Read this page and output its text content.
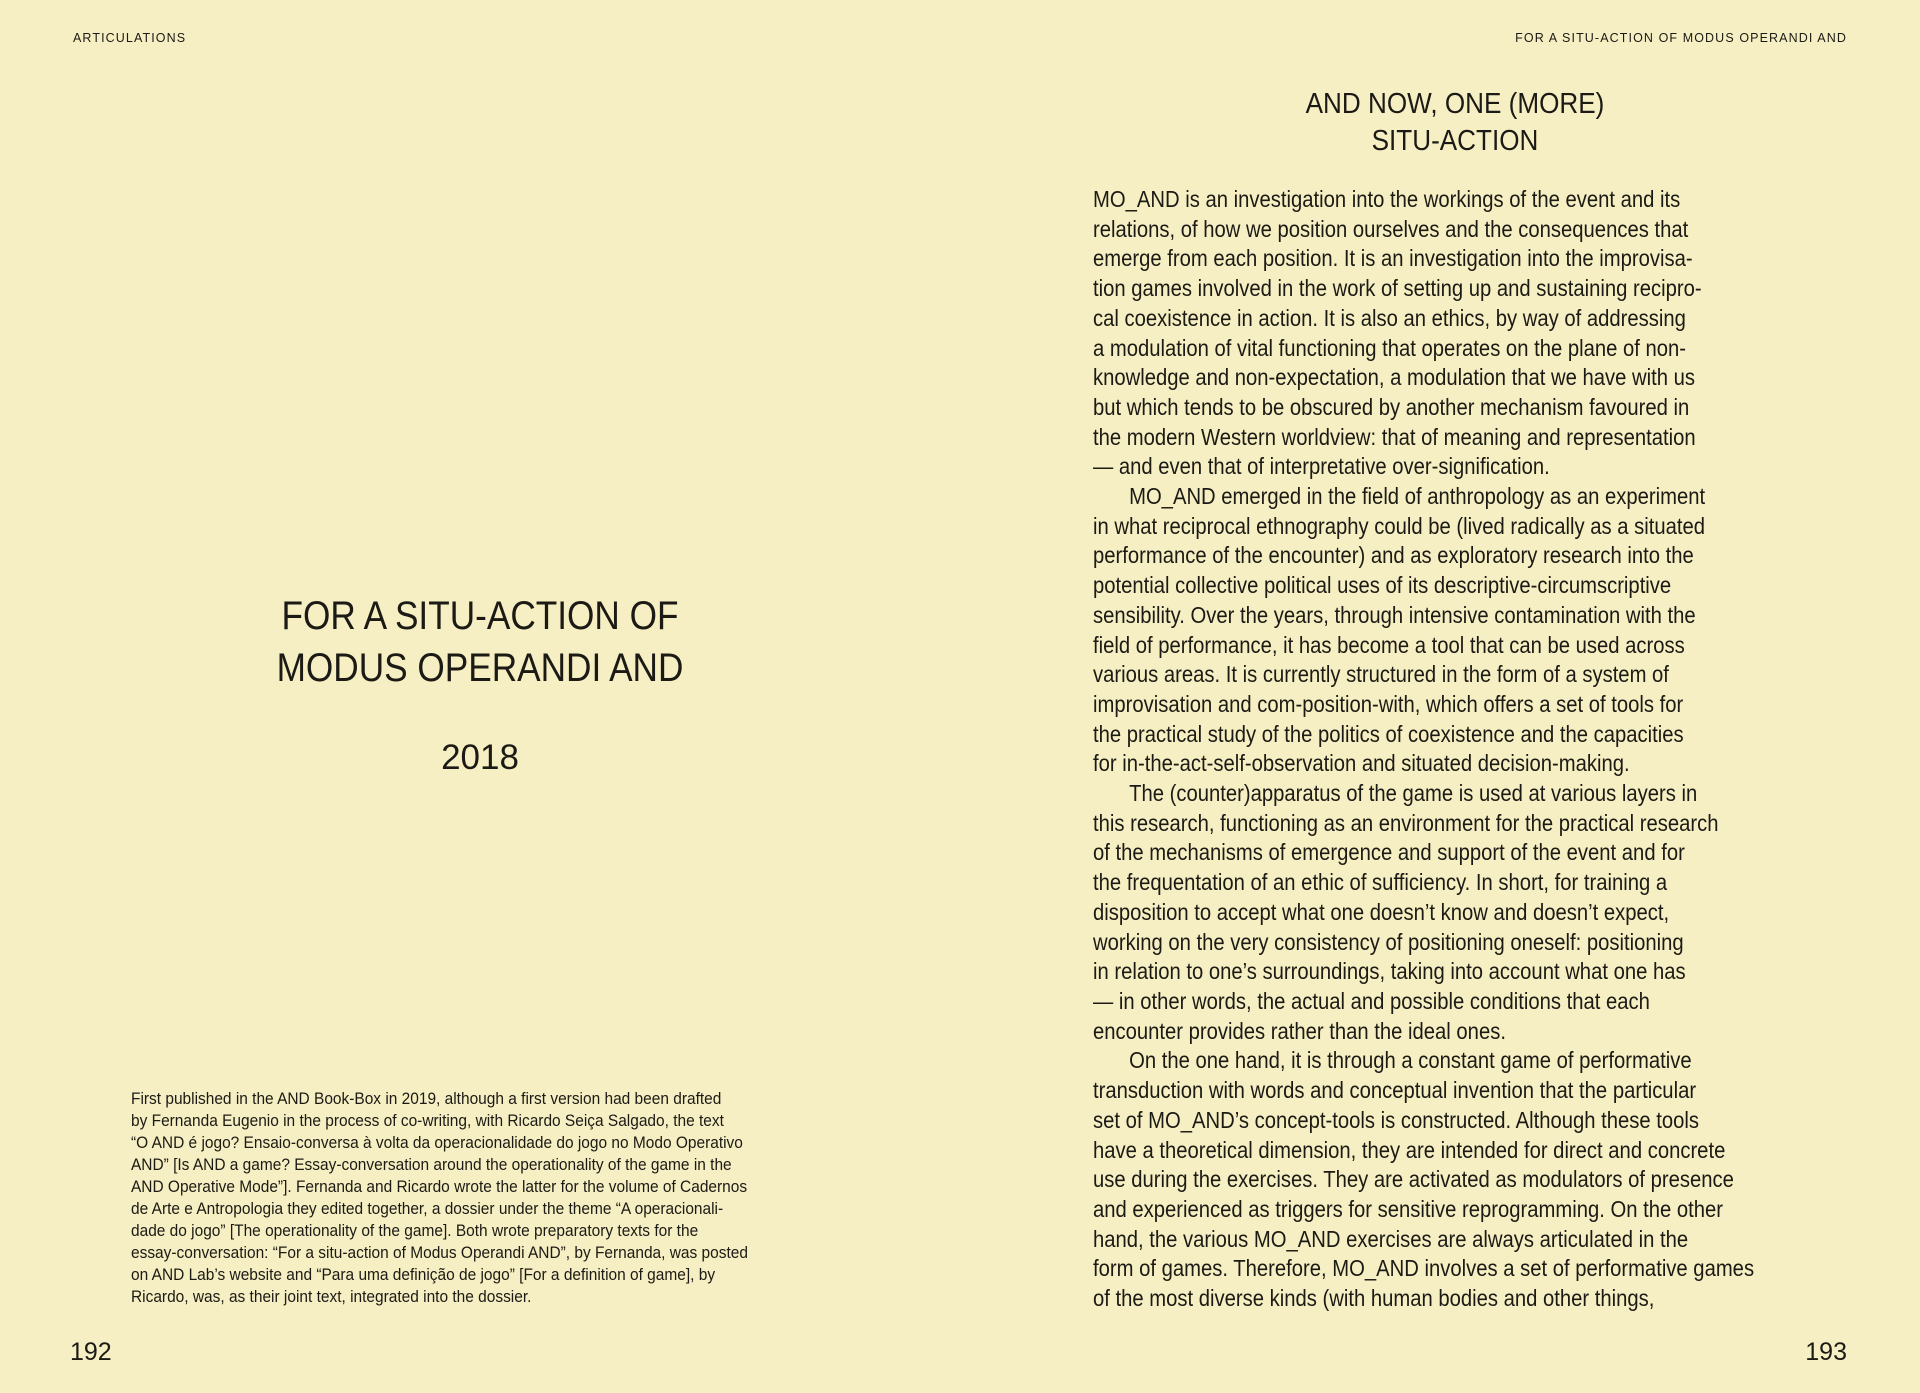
ARTICULATIONS	FOR A SITU-ACTION OF MODUS OPERANDI AND
FOR A SITU-ACTION OF
MODUS OPERANDI AND
2018
First published in the AND Book-Box in 2019, although a first version had been drafted
by Fernanda Eugenio in the process of co-writing, with Ricardo Seiça Salgado, the text
“O AND é jogo? Ensaio-conversa à volta da operacionalidade do jogo no Modo Operativo
AND” [Is AND a game? Essay-conversation around the operationality of the game in the
AND Operative Mode”]. Fernanda and Ricardo wrote the latter for the volume of Cadernos
de Arte e Antropologia they edited together, a dossier under the theme “A operacionali-
dade do jogo” [The operationality of the game]. Both wrote preparatory texts for the
essay-conversation: “For a situ-action of Modus Operandi AND”, by Fernanda, was posted
on AND Lab’s website and “Para uma definição de jogo” [For a definition of game], by
Ricardo, was, as their joint text, integrated into the dossier.
AND NOW, ONE (MORE)
SITU-ACTION
MO_AND is an investigation into the workings of the event and its
relations, of how we position ourselves and the consequences that
emerge from each position. It is an investigation into the improvisa-
tion games involved in the work of setting up and sustaining recipro-
cal coexistence in action. It is also an ethics, by way of addressing
a modulation of vital functioning that operates on the plane of non-
knowledge and non-expectation, a modulation that we have with us
but which tends to be obscured by another mechanism favoured in
the modern Western worldview: that of meaning and representation
— and even that of interpretative over-signification.
MO_AND emerged in the field of anthropology as an experiment
in what reciprocal ethnography could be (lived radically as a situated
performance of the encounter) and as exploratory research into the
potential collective political uses of its descriptive-circumscriptive
sensibility. Over the years, through intensive contamination with the
field of performance, it has become a tool that can be used across
various areas. It is currently structured in the form of a system of
improvisation and com-position-with, which offers a set of tools for
the practical study of the politics of coexistence and the capacities
for in-the-act-self-observation and situated decision-making.
The (counter)apparatus of the game is used at various layers in
this research, functioning as an environment for the practical research
of the mechanisms of emergence and support of the event and for
the frequentation of an ethic of sufficiency. In short, for training a
disposition to accept what one doesn’t know and doesn’t expect,
working on the very consistency of positioning oneself: positioning
in relation to one’s surroundings, taking into account what one has
— in other words, the actual and possible conditions that each
encounter provides rather than the ideal ones.
On the one hand, it is through a constant game of performative
transduction with words and conceptual invention that the particular
set of MO_AND’s concept-tools is constructed. Although these tools
have a theoretical dimension, they are intended for direct and concrete
use during the exercises. They are activated as modulators of presence
and experienced as triggers for sensitive reprogramming. On the other
hand, the various MO_AND exercises are always articulated in the
form of games. Therefore, MO_AND involves a set of performative games
of the most diverse kinds (with human bodies and other things,
192	193
